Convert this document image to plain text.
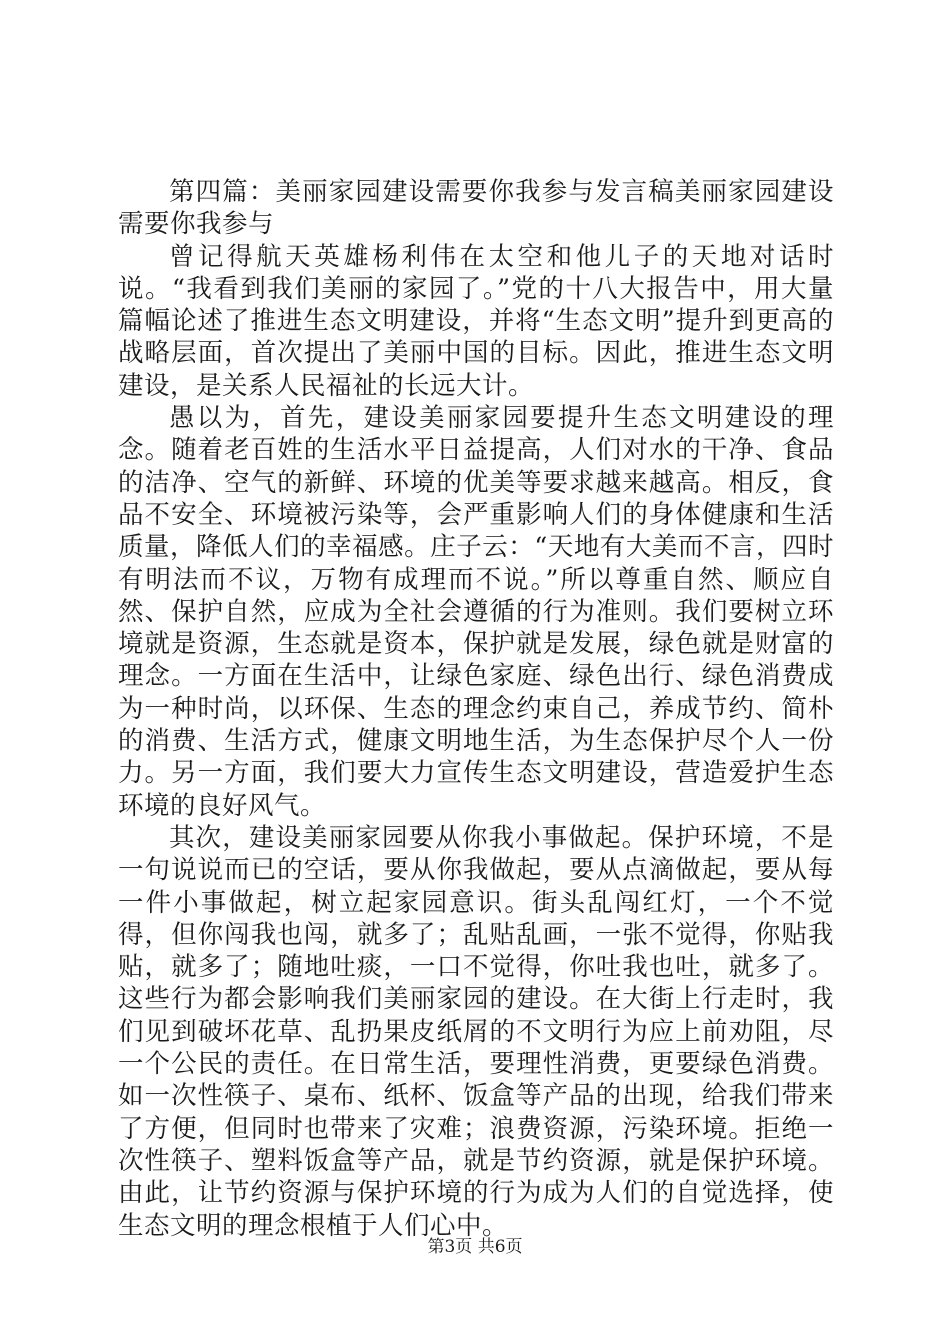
第四篇：美丽家园建设需要你我参与发言稿美丽家园建设需要你我参与

曾记得航天英雄杨利伟在太空和他儿子的天地对话时说。“我看到我们美丽的家园了。”党的十八大报告中，用大量篇幅论述了推进生态文明建设，并将“生态文明”提升到更高的战略层面，首次提出了美丽中国的目标。因此，推进生态文明建设，是关系人民福祉的长远大计。

愚以为，首先，建设美丽家园要提升生态文明建设的理念。随着老百姓的生活水平日益提高，人们对水的干净、食品的洁净、空气的新鲜、环境的优美等要求越来越高。相反，食品不安全、环境被污染等，会严重影响人们的身体健康和生活质量，降低人们的幸福感。庄子云：“天地有大美而不言，四时有明法而不议，万物有成理而不说。”所以尊重自然、顺应自然、保护自然，应成为全社会遵循的行为准则。我们要树立环境就是资源，生态就是资本，保护就是发展，绿色就是财富的理念。一方面在生活中，让绿色家庭、绿色出行、绿色消费成为一种时尚，以环保、生态的理念约束自己，养成节约、简朴的消费、生活方式，健康文明地生活，为生态保护尽个人一份力。另一方面，我们要大力宣传生态文明建设，营造爱护生态环境的良好风气。

其次，建设美丽家园要从你我小事做起。保护环境，不是一句说说而已的空话，要从你我做起，要从点滴做起，要从每一件小事做起，树立起家园意识。街头乱闯红灯，一个不觉得，但你闯我也闯，就多了；乱贴乱画，一张不觉得，你贴我贴，就多了；随地吐痰，一口不觉得，你吐我也吐，就多了。这些行为都会影响我们美丽家园的建设。在大街上行走时，我们见到破坏花草、乱扔果皮纸屑的不文明行为应上前劝阻，尽一个公民的责任。在日常生活，要理性消费，更要绿色消费。如一次性筷子、桌布、纸杯、饭盒等产品的出现，给我们带来了方便，但同时也带来了灾难；浪费资源，污染环境。拒绝一次性筷子、塑料饭盒等产品，就是节约资源，就是保护环境。由此，让节约资源与保护环境的行为成为人们的自觉选择，使生态文明的理念根植于人们心中。

第3页 共6页
